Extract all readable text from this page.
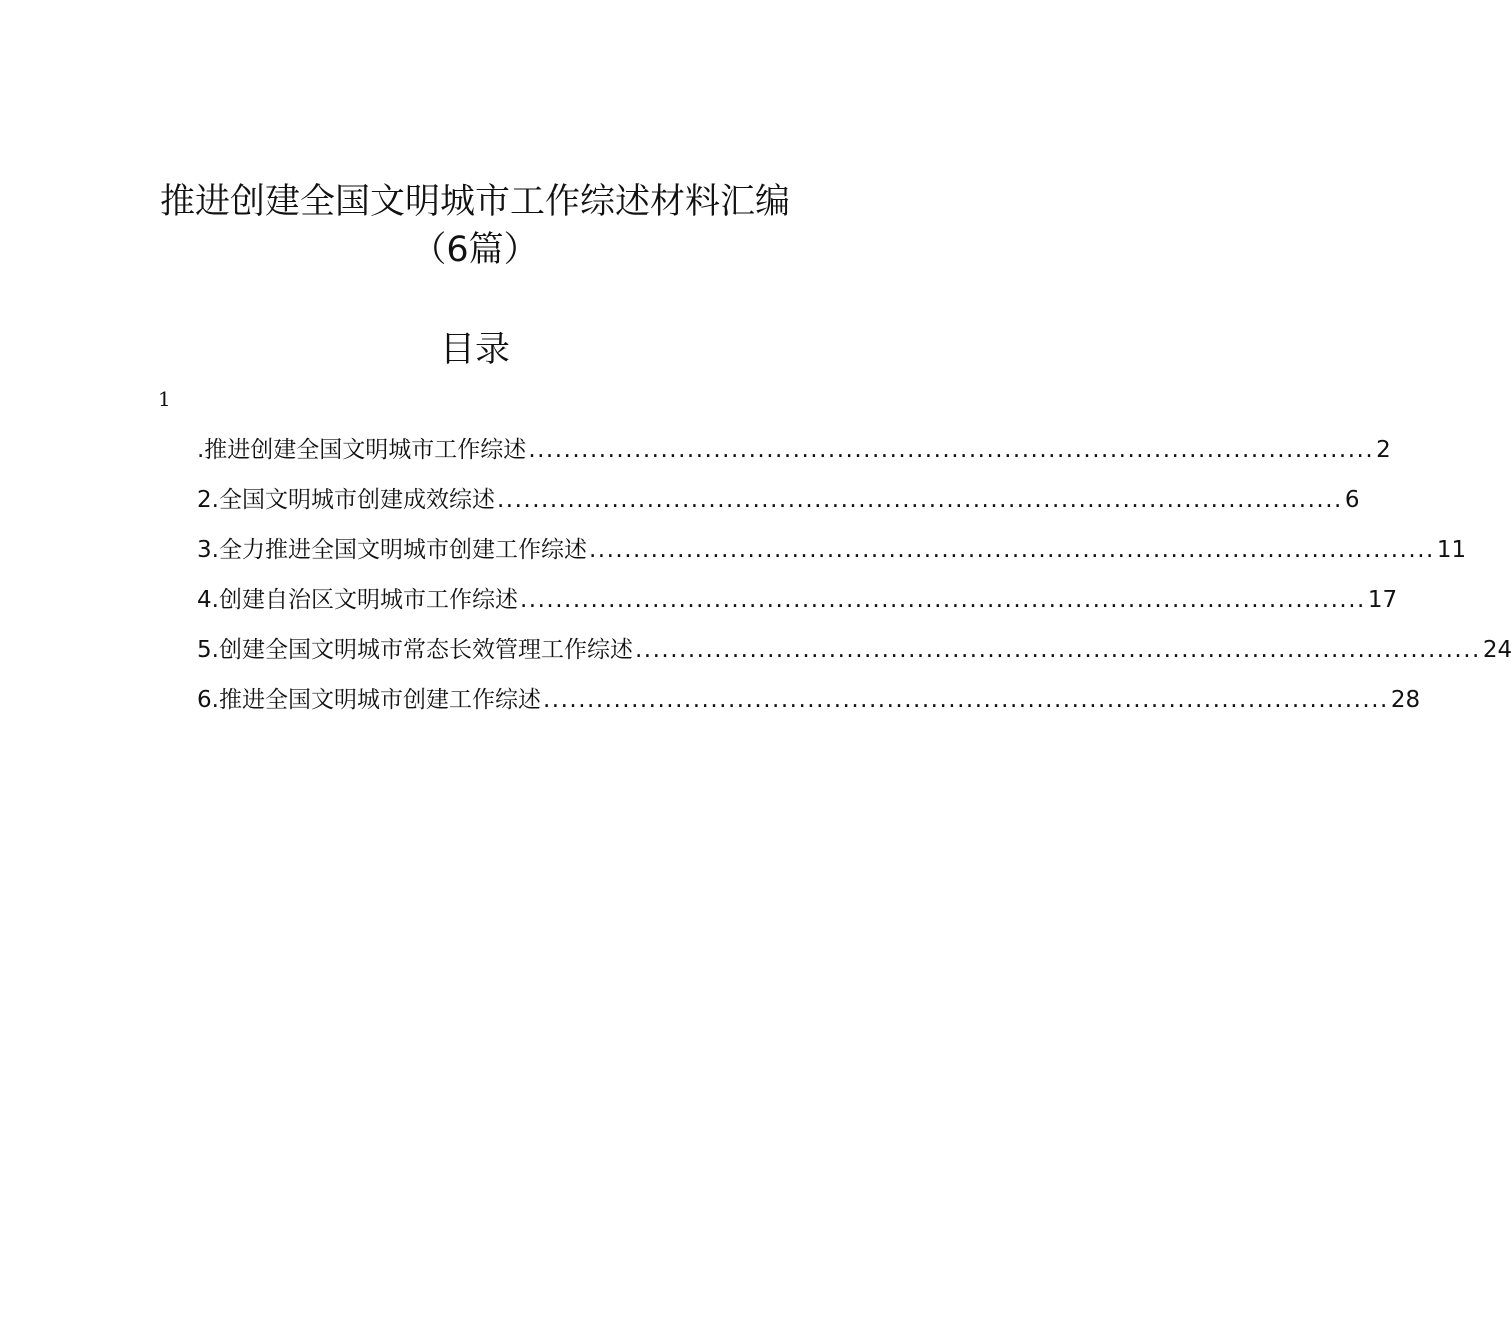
推进创建全国文明城市工作综述材料汇编
（6篇）
目录
1
.推进创建全国文明城市工作综述 ................................................................................................ 2
2.全国文明城市创建成效综述 ................................................................................................ 6
3.全力推进全国文明城市创建工作综述 ................................................................................................ 11
4.创建自治区文明城市工作综述 ................................................................................................ 17
5.创建全国文明城市常态长效管理工作综述 ................................................................................................ 24
6.推进全国文明城市创建工作综述 ................................................................................................ 28
